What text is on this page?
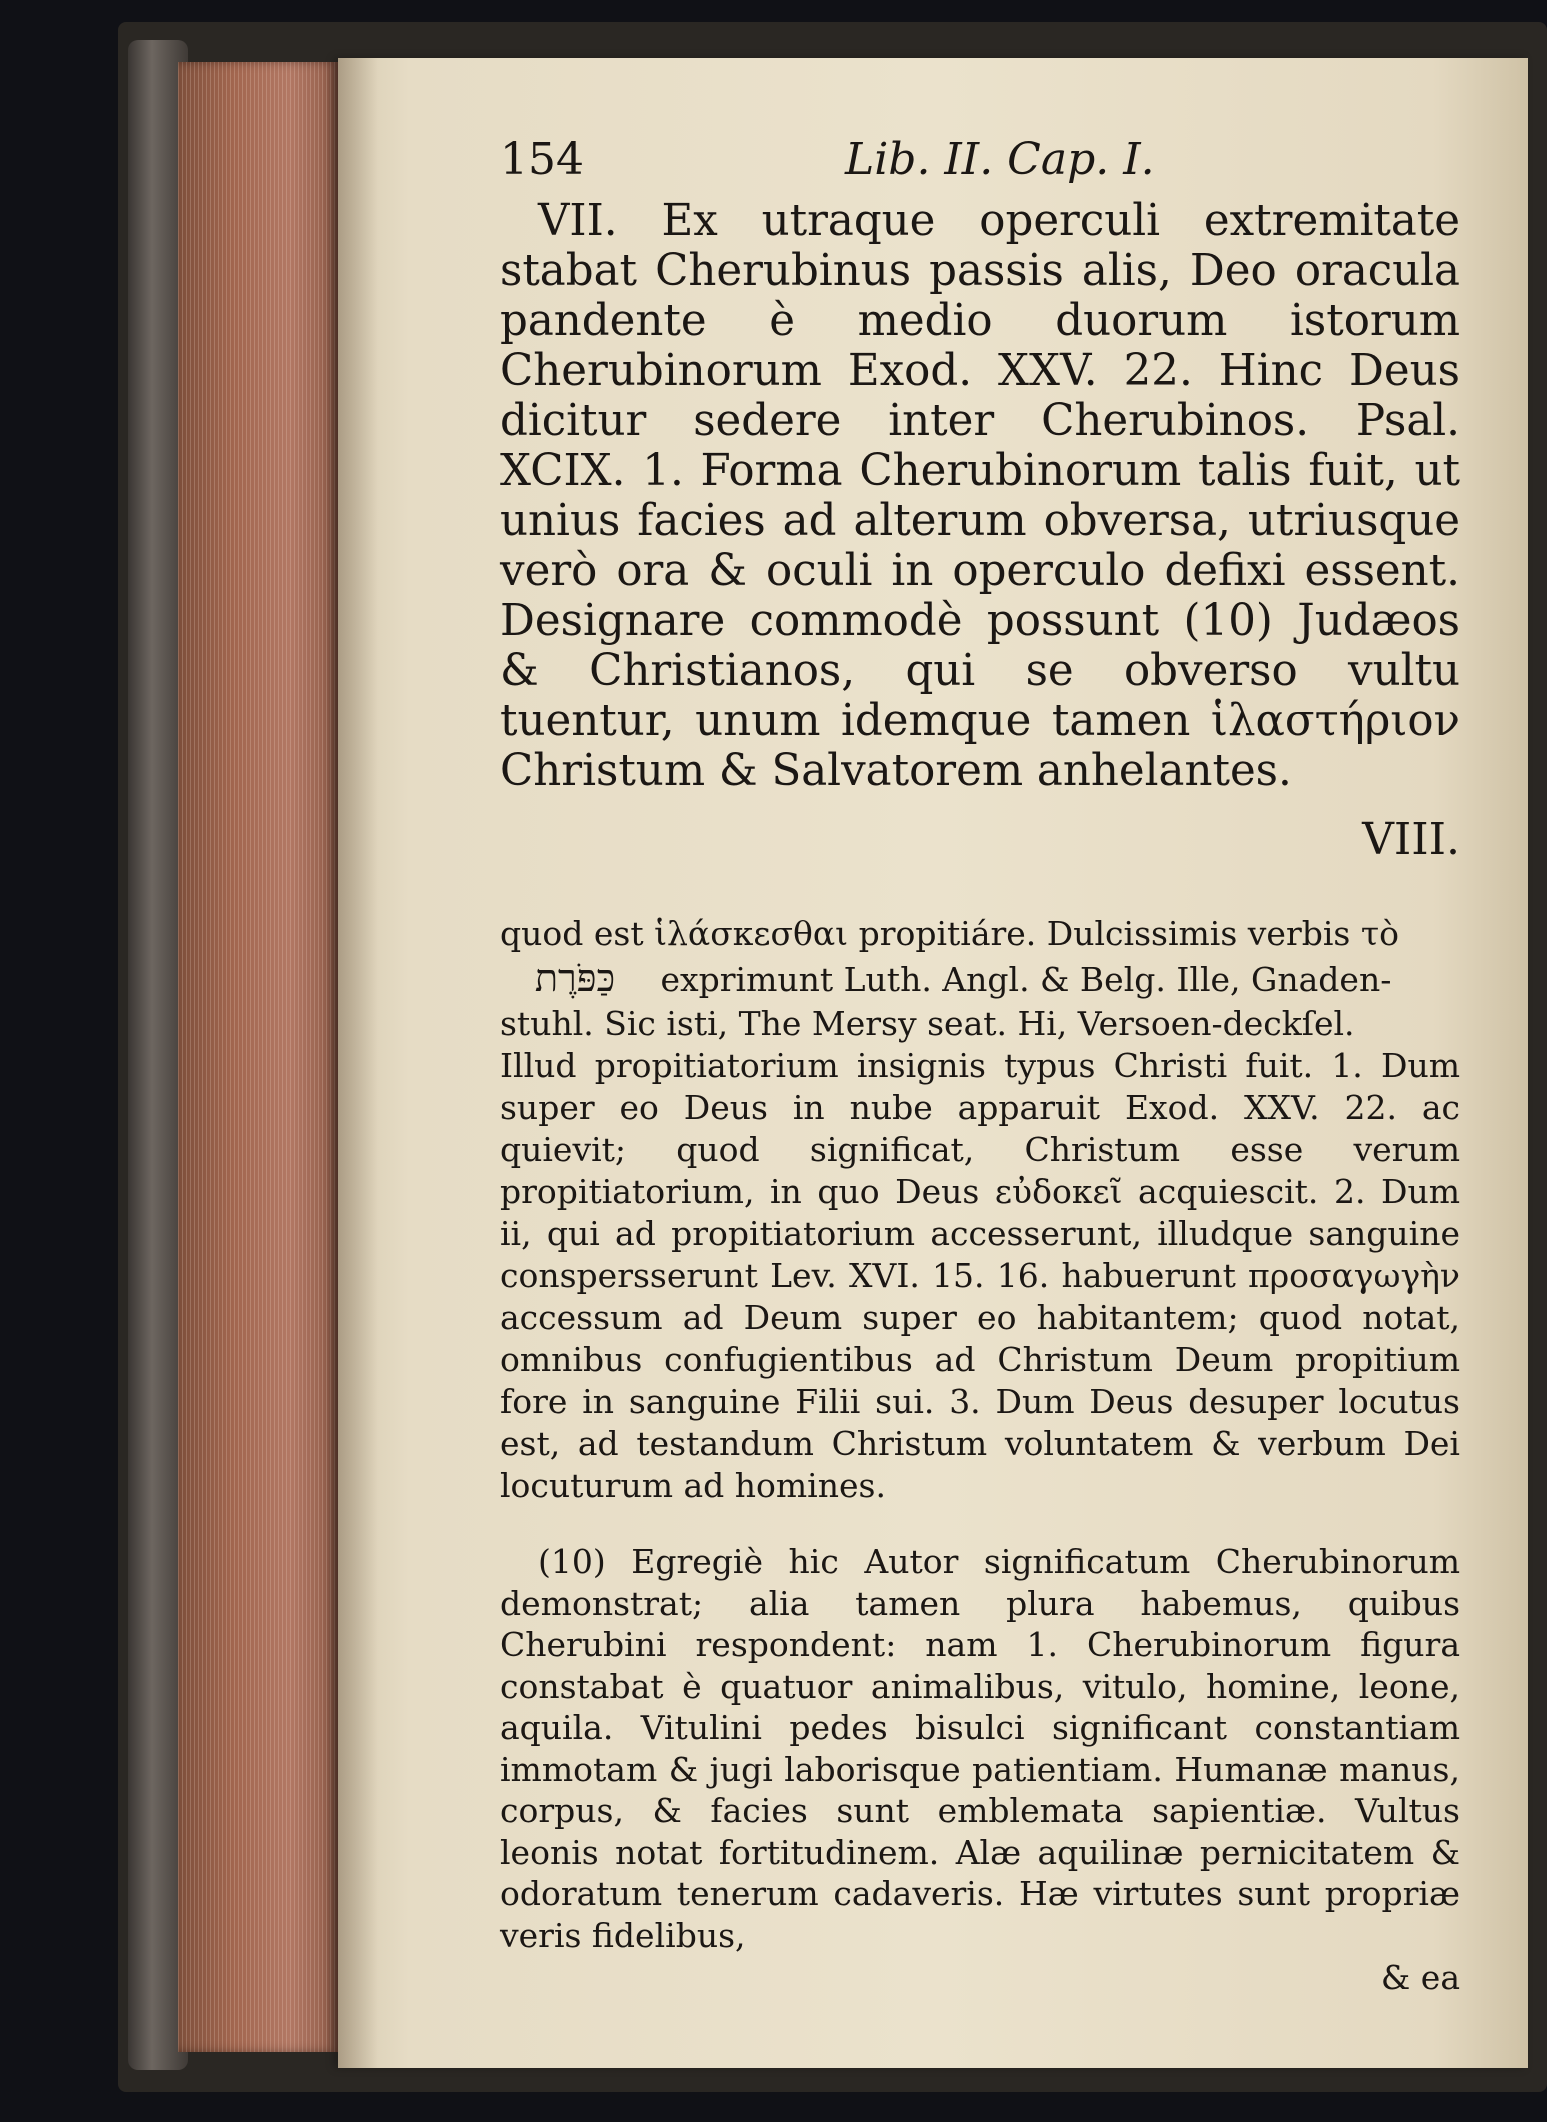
154	Lib. II. Cap. I.

VII. Ex utraque operculi extremitate stabat Cherubinus passis alis, Deo oracula pandente è medio duorum istorum Cherubinorum Exod. XXV. 22. Hinc Deus dicitur sedere inter Cherubinos. Psal. XCIX. 1. Forma Cherubinorum talis fuit, ut unius facies ad alterum obversa, utriusque verò ora & oculi in operculo defixi essent. Designare commodè possunt (10) Judæos & Christianos, qui se obverso vultu tuentur, unum idemque tamen ἱλαστήριον Christum & Salvatorem anhelantes.

VIII.
quod est ἱλάσκεσθαι propitiáre. Dulcissimis verbis τὸ
כַּפֹּרֶת exprimunt Luth. Angl. & Belg. Ille, Gnaden-
stuhl. Sic isti, The Mersy seat. Hi, Versoen-deckſel.

Illud propitiatorium insignis typus Christi fuit. 1. Dum super eo Deus in nube apparuit Exod. XXV. 22. ac quievit; quod significat, Christum esse verum propitiatorium, in quo Deus εὐδοκεῖ acquiescit. 2. Dum ii, qui ad propitiatorium accesserunt, illudque sanguine conspersserunt Lev. XVI. 15. 16. habuerunt προσαγωγὴν accessum ad Deum super eo habitantem; quod notat, omnibus confugientibus ad Christum Deum propitium fore in sanguine Filii sui. 3. Dum Deus desuper locutus est, ad testandum Christum voluntatem & verbum Dei locuturum ad homines.

(10) Egregiè hic Autor significatum Cherubinorum demonstrat; alia tamen plura habemus, quibus Cherubini respondent: nam 1. Cherubinorum figura constabat è quatuor animalibus, vitulo, homine, leone, aquila. Vitulini pedes bisulci significant constantiam immotam & jugi laborisque patientiam. Humanæ manus, corpus, & facies sunt emblemata sapientiæ. Vultus leonis notat fortitudinem. Alæ aquilinæ pernicitatem & odoratum tenerum cadaveris. Hæ virtutes sunt propriæ veris fidelibus,

& ea
